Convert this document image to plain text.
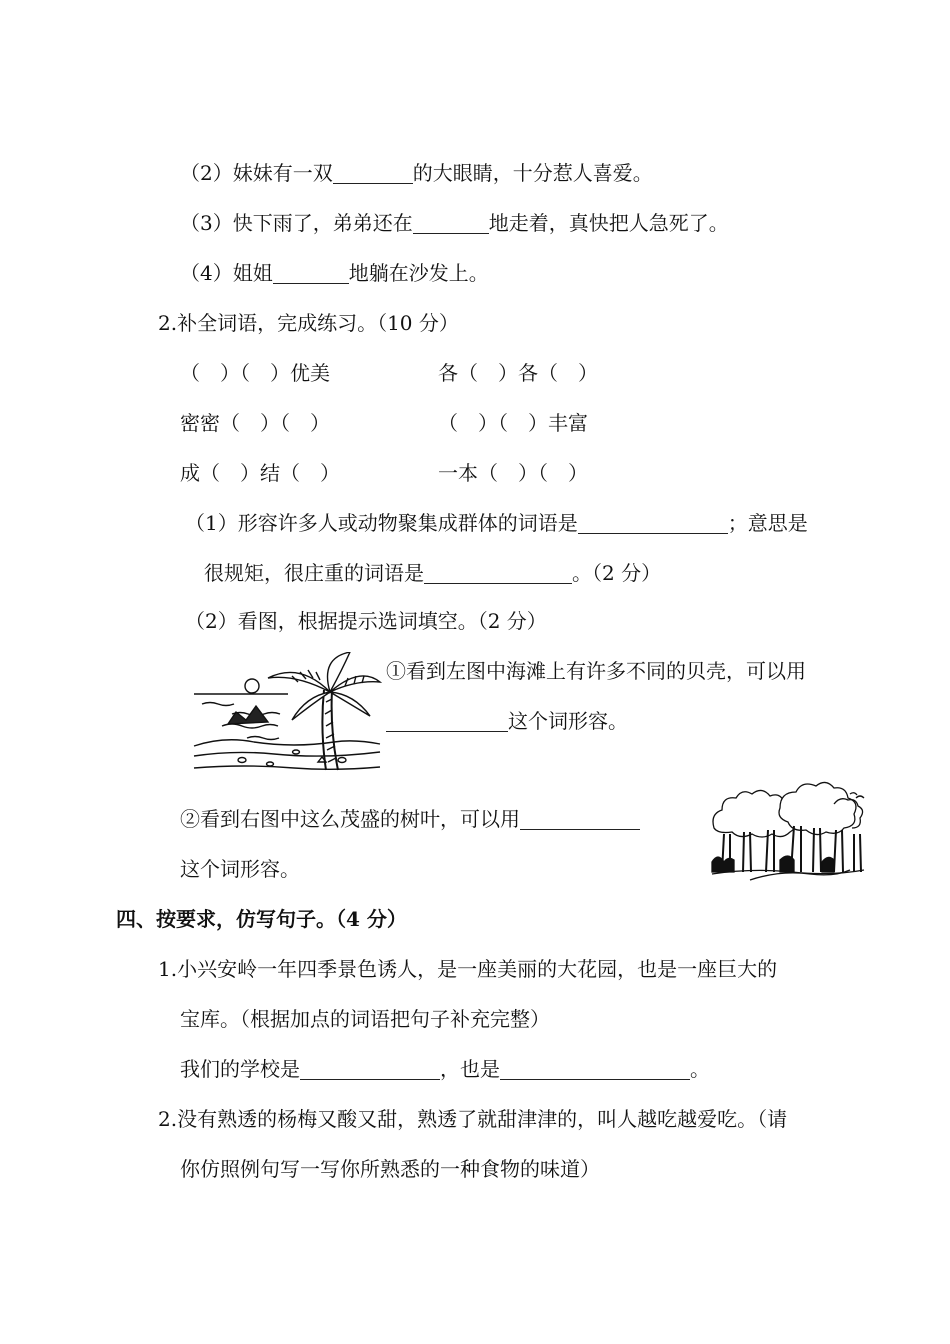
（2）妹妹有一双	的大眼睛，十分惹人喜爱。
（3）快下雨了，弟弟还在	地走着，真快把人急死了。
（4）姐姐	地躺在沙发上。
2.补全词语，完成练习。（10 分）
（　）（　）优美	各（　）各（　）
密密（　）（　）	（　）（　）丰富
成（　）结（　）	一本（　）（　）
（1）形容许多人或动物聚集成群体的词语是	；意思是
很规矩，很庄重的词语是	。（2 分）
（2）看图，根据提示选词填空。（2 分）
①看到左图中海滩上有许多不同的贝壳，可以用
这个词形容。
②看到右图中这么茂盛的树叶，可以用
这个词形容。
四、按要求，仿写句子。（4 分）
1.小兴安岭一年四季景色诱人，是一座美丽的大花园，也是一座巨大的
宝库。（根据加点的词语把句子补充完整）
我们的学校是	，也是	。
2.没有熟透的杨梅又酸又甜，熟透了就甜津津的，叫人越吃越爱吃。（请
你仿照例句写一写你所熟悉的一种食物的味道）
